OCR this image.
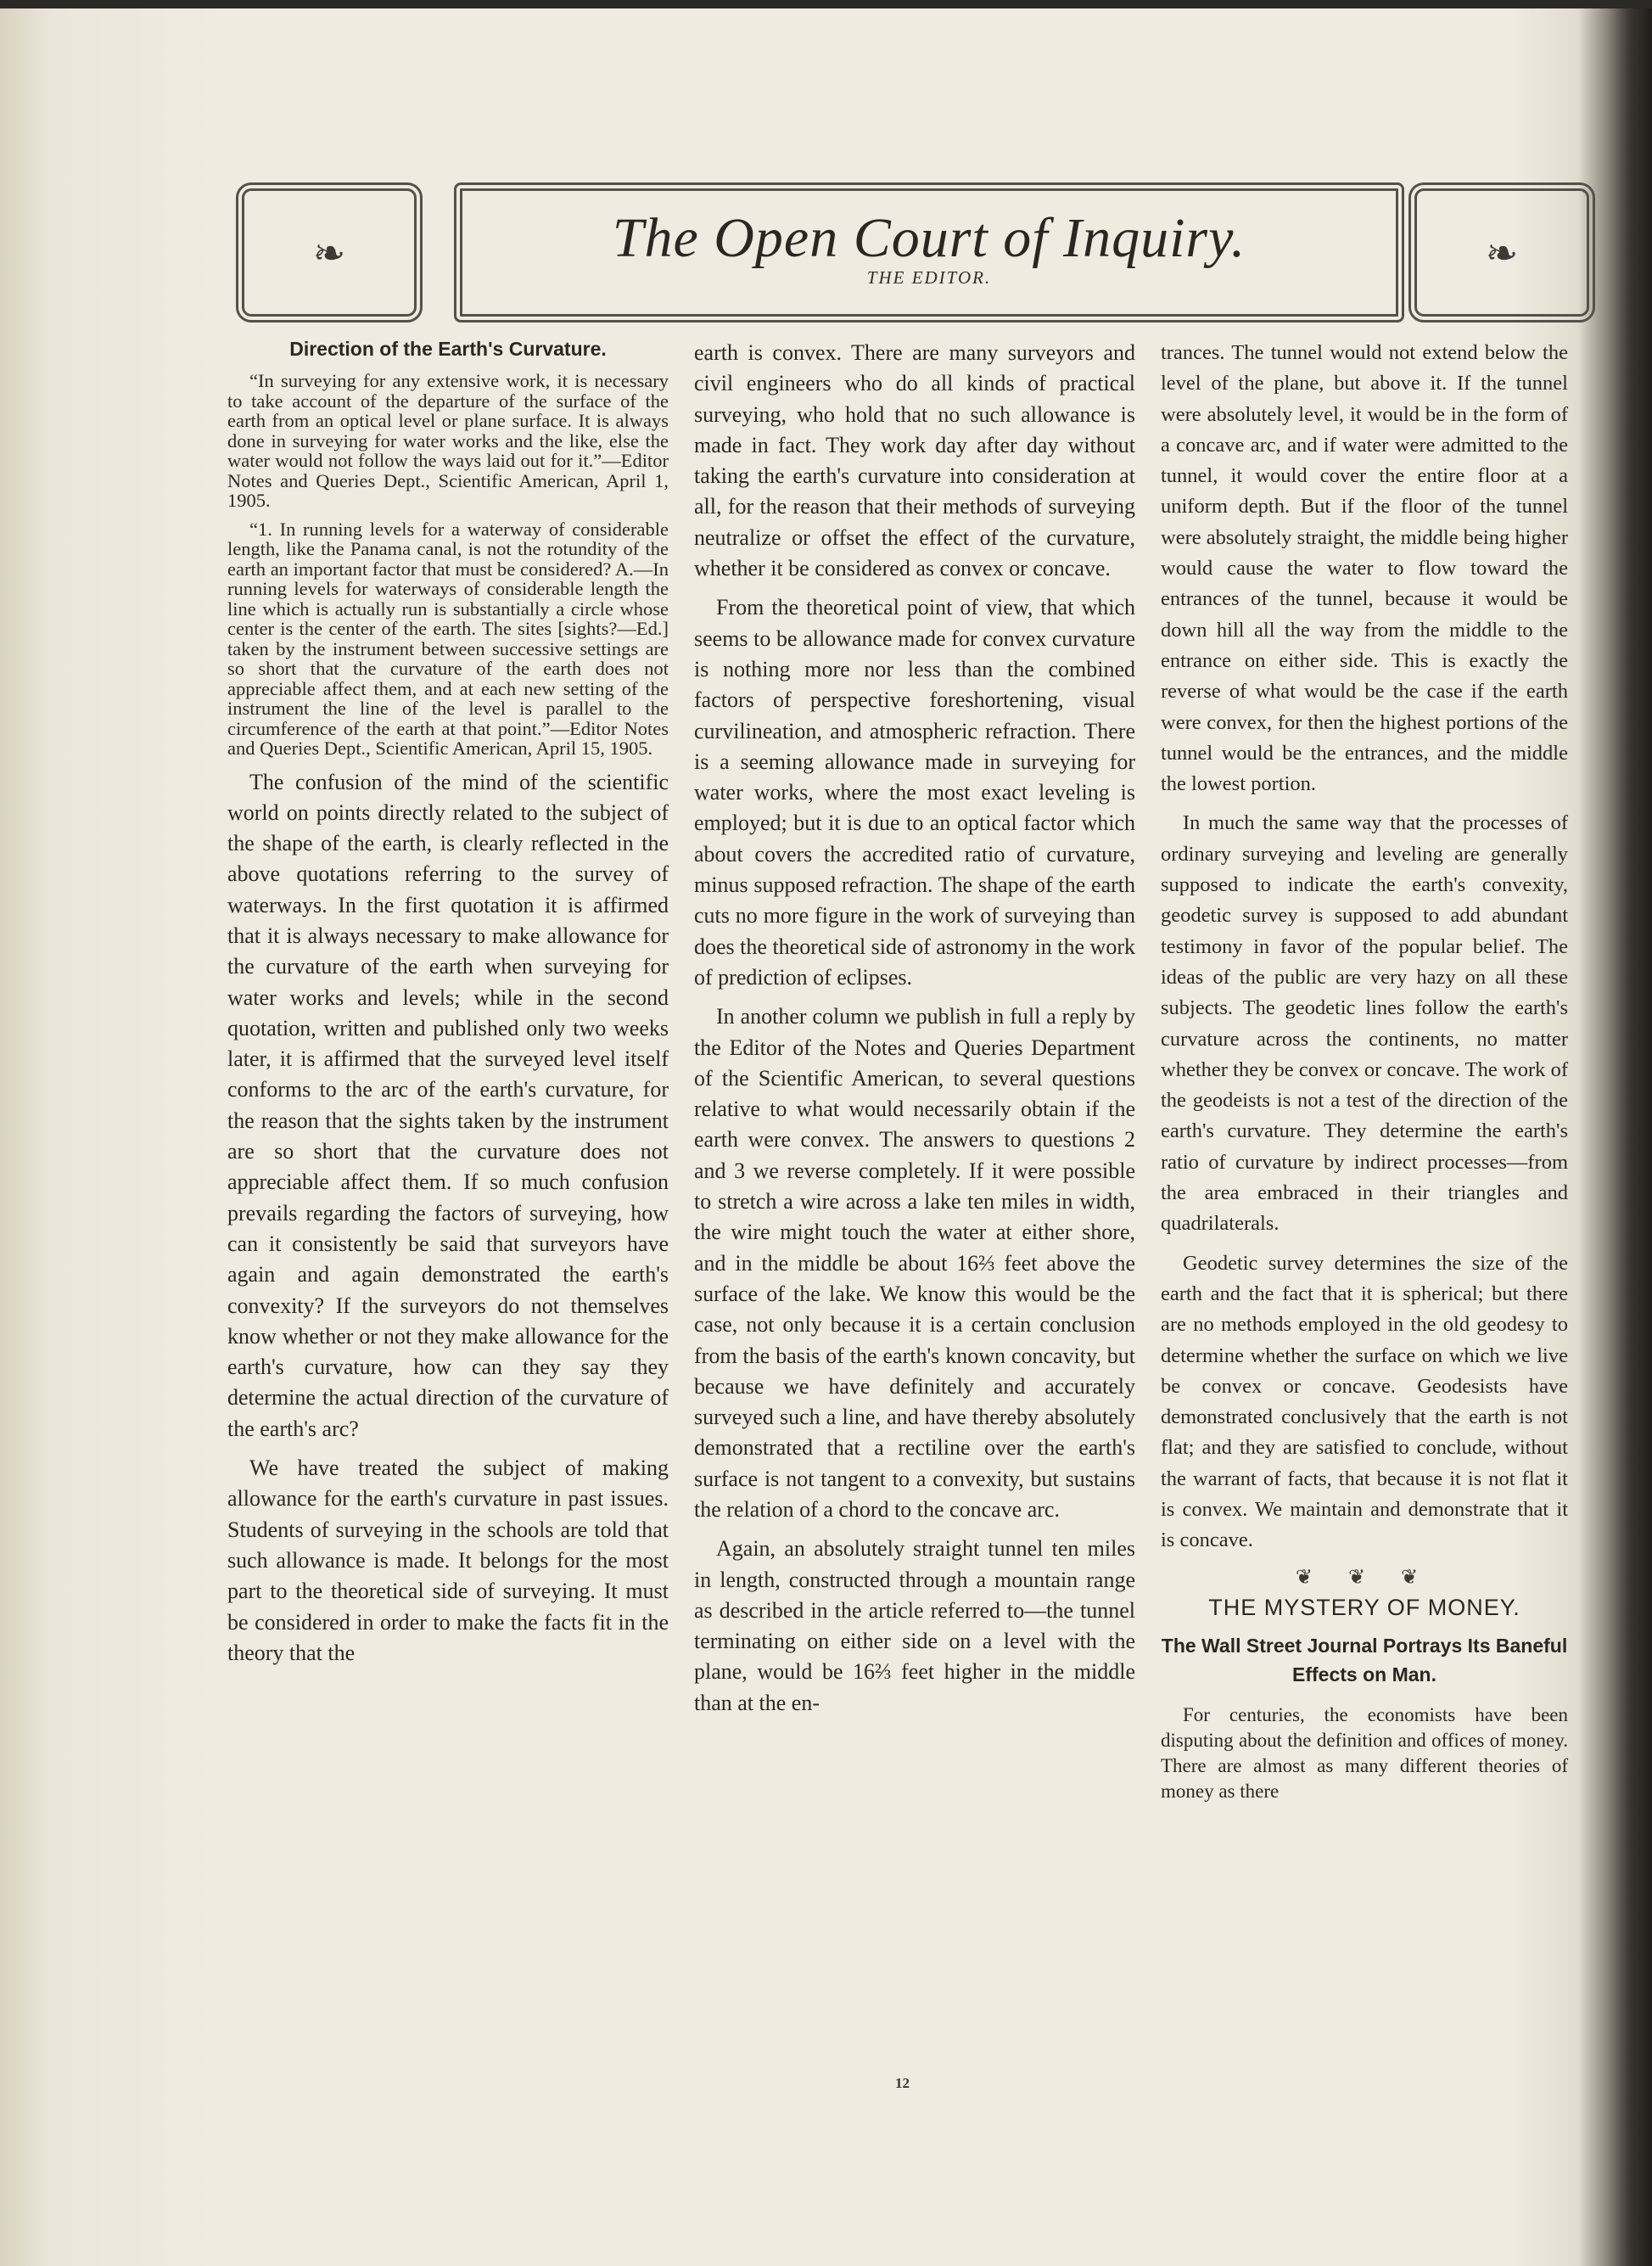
❧	The Open Court of Inquiry.
THE EDITOR.
❧
Direction of the Earth's Curvature.

“In surveying for any extensive work, it is necessary to take account of the departure of the surface of the earth from an optical level or plane surface. It is always done in surveying for water works and the like, else the water would not follow the ways laid out for it.”—Editor Notes and Queries Dept., Scientific American, April 1, 1905.

“1. In running levels for a waterway of considerable length, like the Panama canal, is not the rotundity of the earth an important factor that must be considered? A.—In running levels for waterways of considerable length the line which is actually run is substantially a circle whose center is the center of the earth. The sites [sights?—Ed.] taken by the instrument between successive settings are so short that the curvature of the earth does not appreciable affect them, and at each new setting of the instrument the line of the level is parallel to the circumference of the earth at that point.”—Editor Notes and Queries Dept., Scientific American, April 15, 1905.

The confusion of the mind of the scientific world on points directly related to the subject of the shape of the earth, is clearly reflected in the above quotations referring to the survey of waterways. In the first quotation it is affirmed that it is always necessary to make allowance for the curvature of the earth when surveying for water works and levels; while in the second quotation, written and published only two weeks later, it is affirmed that the surveyed level itself conforms to the arc of the earth's curvature, for the reason that the sights taken by the instrument are so short that the curvature does not appreciable affect them. If so much confusion prevails regarding the factors of surveying, how can it consistently be said that surveyors have again and again demonstrated the earth's convexity? If the surveyors do not themselves know whether or not they make allowance for the earth's curvature, how can they say they determine the actual direction of the curvature of the earth's arc?

We have treated the subject of making allowance for the earth's curvature in past issues. Students of surveying in the schools are told that such allowance is made. It belongs for the most part to the theoretical side of surveying. It must be considered in order to make the facts fit in the theory that the

earth is convex. There are many surveyors and civil engineers who do all kinds of practical surveying, who hold that no such allowance is made in fact. They work day after day without taking the earth's curvature into consideration at all, for the reason that their methods of surveying neutralize or offset the effect of the curvature, whether it be considered as convex or concave.

From the theoretical point of view, that which seems to be allowance made for convex curvature is nothing more nor less than the combined factors of perspective foreshortening, visual curvilineation, and atmospheric refraction. There is a seeming allowance made in surveying for water works, where the most exact leveling is employed; but it is due to an optical factor which about covers the accredited ratio of curvature, minus supposed refraction. The shape of the earth cuts no more figure in the work of surveying than does the theoretical side of astronomy in the work of prediction of eclipses.

In another column we publish in full a reply by the Editor of the Notes and Queries Department of the Scientific American, to several questions relative to what would necessarily obtain if the earth were convex. The answers to questions 2 and 3 we reverse completely. If it were possible to stretch a wire across a lake ten miles in width, the wire might touch the water at either shore, and in the middle be about 16⅔ feet above the surface of the lake. We know this would be the case, not only because it is a certain conclusion from the basis of the earth's known concavity, but because we have definitely and accurately surveyed such a line, and have thereby absolutely demonstrated that a rectiline over the earth's surface is not tangent to a convexity, but sustains the relation of a chord to the concave arc.

Again, an absolutely straight tunnel ten miles in length, constructed through a mountain range as described in the article referred to—the tunnel terminating on either side on a level with the plane, would be 16⅔ feet higher in the middle than at the en-

trances. The tunnel would not extend below the level of the plane, but above it. If the tunnel were absolutely level, it would be in the form of a concave arc, and if water were admitted to the tunnel, it would cover the entire floor at a uniform depth. But if the floor of the tunnel were absolutely straight, the middle being higher would cause the water to flow toward the entrances of the tunnel, because it would be down hill all the way from the middle to the entrance on either side. This is exactly the reverse of what would be the case if the earth were convex, for then the highest portions of the tunnel would be the entrances, and the middle the lowest portion.

In much the same way that the processes of ordinary surveying and leveling are generally supposed to indicate the earth's convexity, geodetic survey is supposed to add abundant testimony in favor of the popular belief. The ideas of the public are very hazy on all these subjects. The geodetic lines follow the earth's curvature across the continents, no matter whether they be convex or concave. The work of the geodeists is not a test of the direction of the earth's curvature. They determine the earth's ratio of curvature by indirect processes—from the area embraced in their triangles and quadrilaterals.

Geodetic survey determines the size of the earth and the fact that it is spherical; but there are no methods employed in the old geodesy to determine whether the surface on which we live be convex or concave. Geodesists have demonstrated conclusively that the earth is not flat; and they are satisfied to conclude, without the warrant of facts, that because it is not flat it is convex. We maintain and demonstrate that it is concave.

❦ ❦ ❦
THE MYSTERY OF MONEY.
The Wall Street Journal Portrays Its Baneful Effects on Man.

For centuries, the economists have been disputing about the definition and offices of money. There are almost as many different theories of money as there

12
